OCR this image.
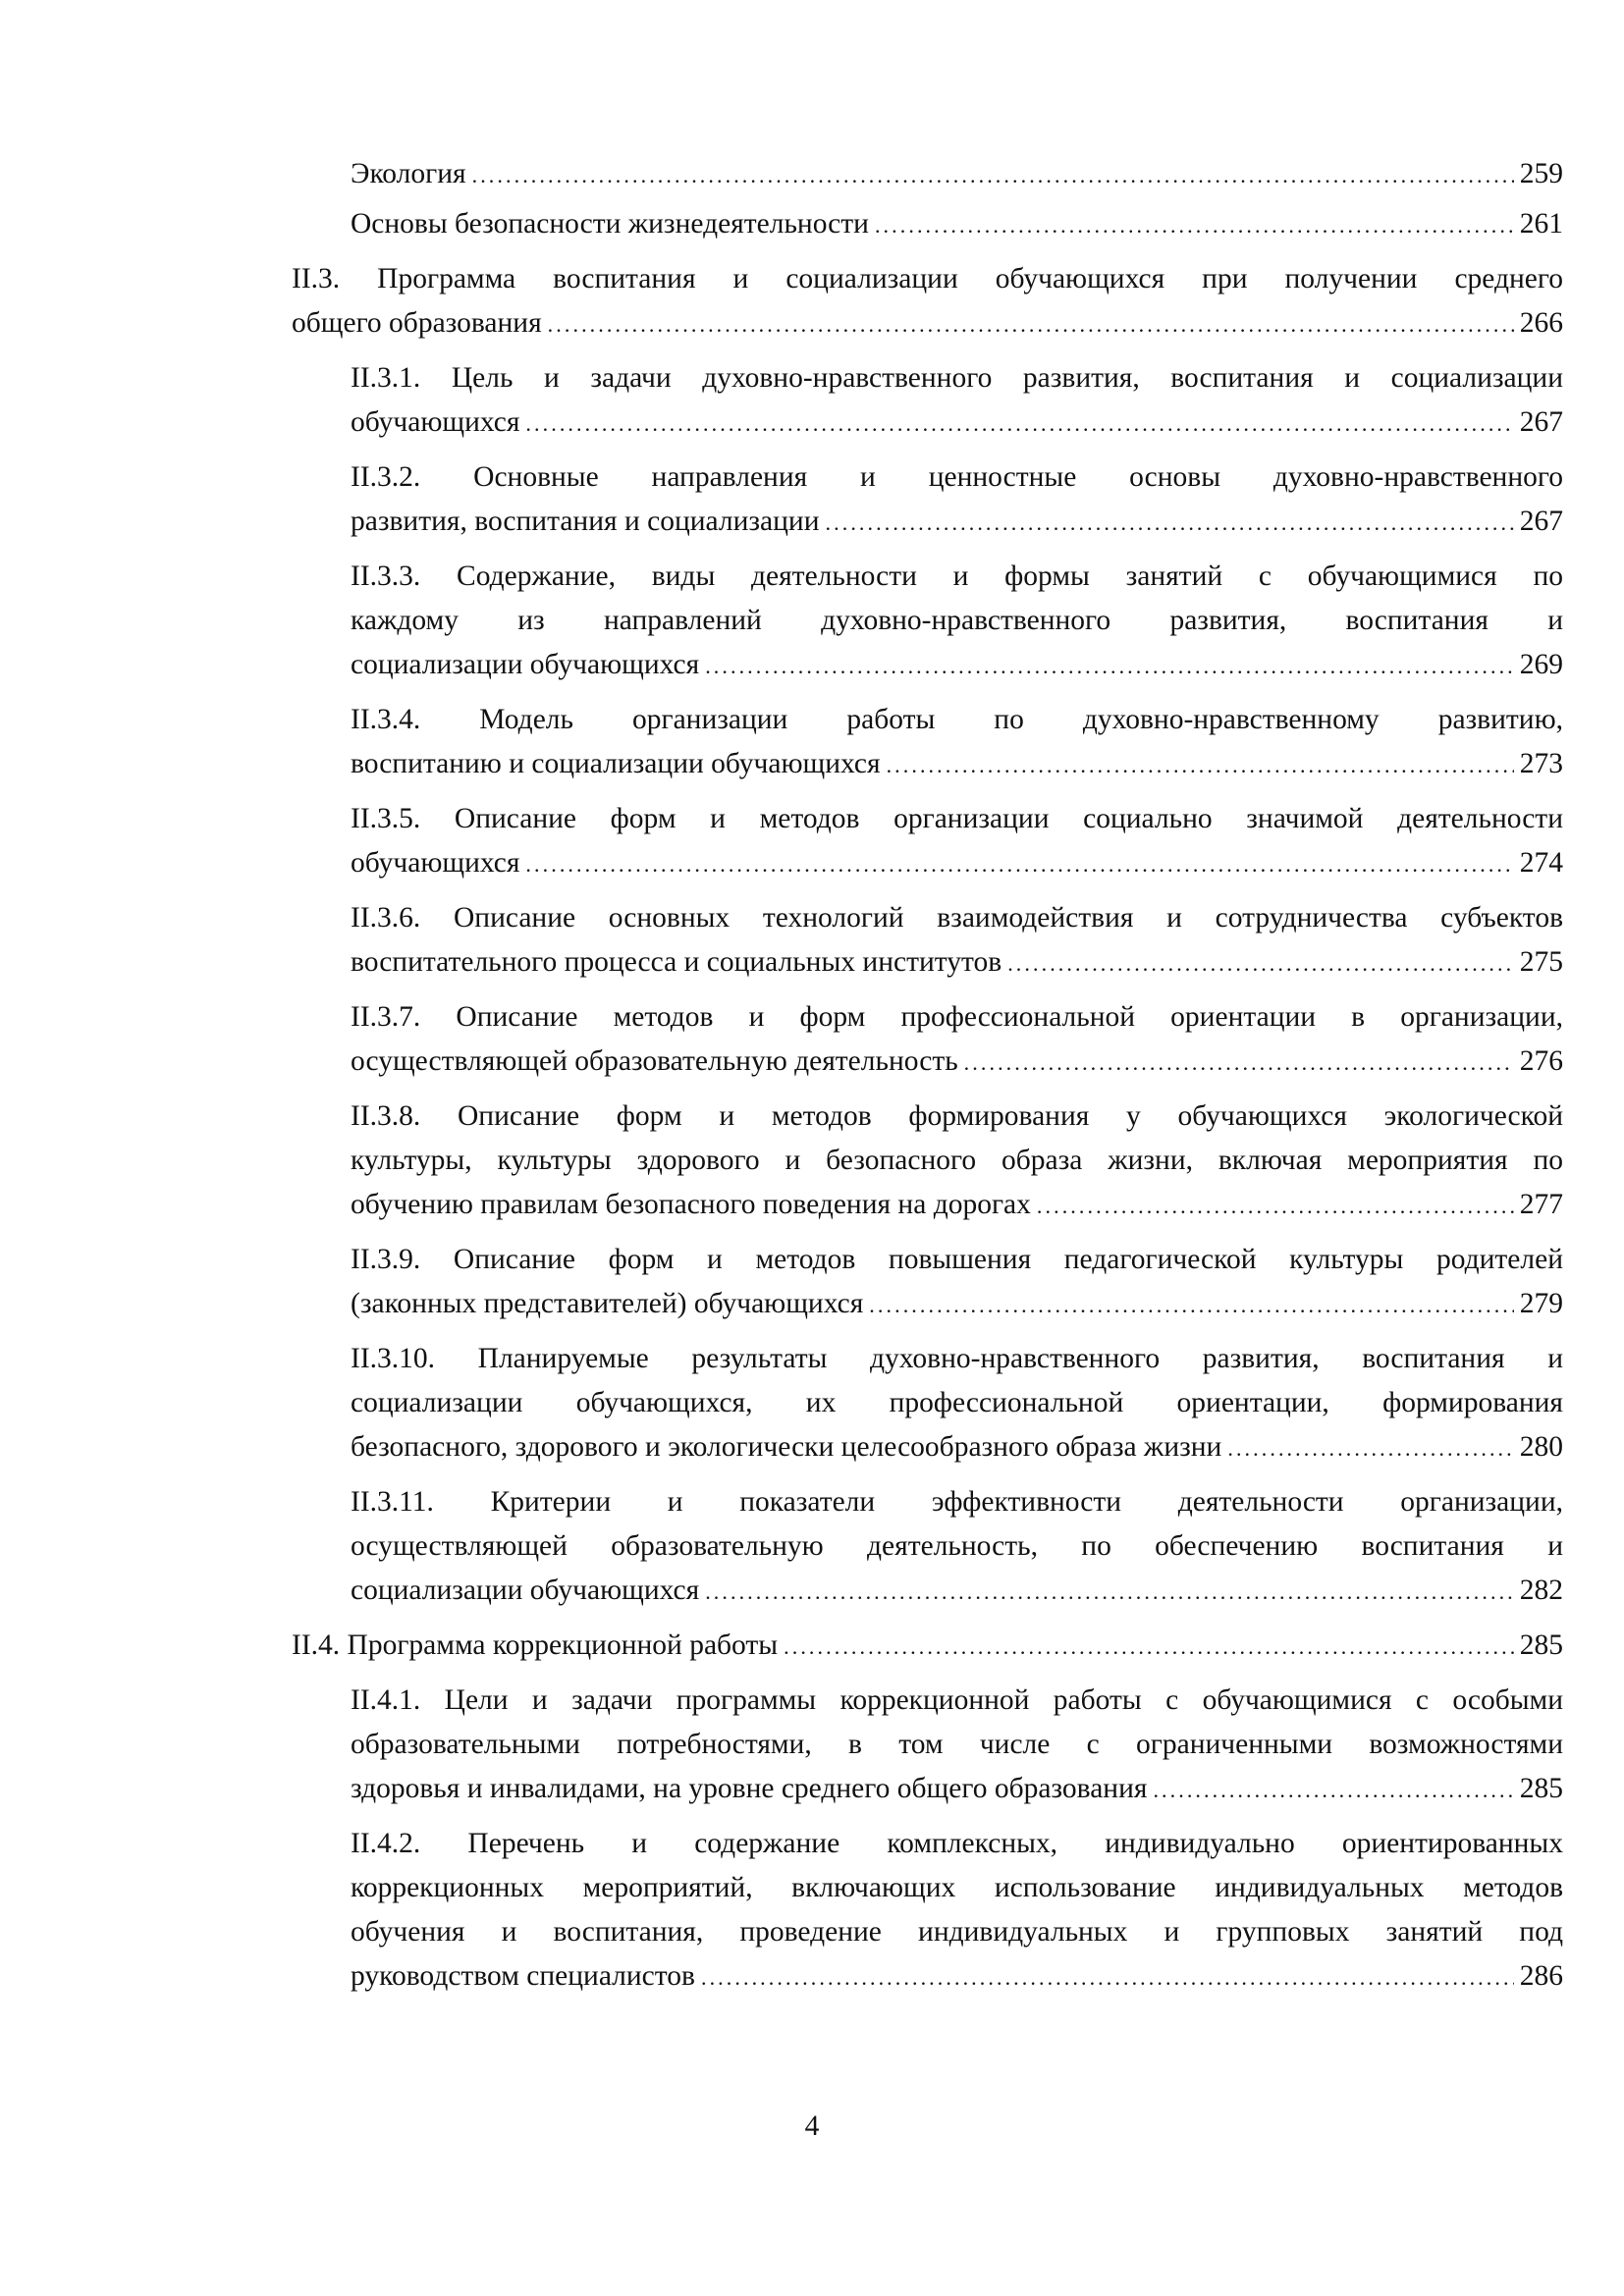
Экология .....	259
Основы безопасности жизнедеятельности .....	261
II.3. Программа воспитания и социализации обучающихся при получении среднего
общего образования .....	266
II.3.1. Цель и задачи духовно-нравственного развития, воспитания и социализации
обучающихся .....	267
II.3.2. Основные направления и ценностные основы духовно-нравственного
развития, воспитания и социализации .....	267
II.3.3. Содержание, виды деятельности и формы занятий с обучающимися по
каждому из направлений духовно-нравственного развития, воспитания и
социализации обучающихся .....	269
II.3.4. Модель организации работы по духовно-нравственному развитию,
воспитанию и социализации обучающихся .....	273
II.3.5. Описание форм и методов организации социально значимой деятельности
обучающихся .....	274
II.3.6. Описание основных технологий взаимодействия и сотрудничества субъектов
воспитательного процесса и социальных институтов .....	275
II.3.7. Описание методов и форм профессиональной ориентации в организации,
осуществляющей образовательную деятельность .....	276
II.3.8. Описание форм и методов формирования у обучающихся экологической
культуры, культуры здорового и безопасного образа жизни, включая мероприятия по
обучению правилам безопасного поведения на дорогах .....	277
II.3.9. Описание форм и методов повышения педагогической культуры родителей
(законных представителей) обучающихся .....	279
II.3.10. Планируемые результаты духовно-нравственного развития, воспитания и
социализации обучающихся, их профессиональной ориентации, формирования
безопасного, здорового и экологически целесообразного образа жизни .....	280
II.3.11. Критерии и показатели эффективности деятельности организации,
осуществляющей образовательную деятельность, по обеспечению воспитания и
социализации обучающихся .....	282
II.4. Программа коррекционной работы .....	285
II.4.1. Цели и задачи программы коррекционной работы с обучающимися с особыми
образовательными потребностями, в том числе с ограниченными возможностями
здоровья и инвалидами, на уровне среднего общего образования .....	285
II.4.2. Перечень и содержание комплексных, индивидуально ориентированных
коррекционных мероприятий, включающих использование индивидуальных методов
обучения и воспитания, проведение индивидуальных и групповых занятий под
руководством специалистов .....	286
4
